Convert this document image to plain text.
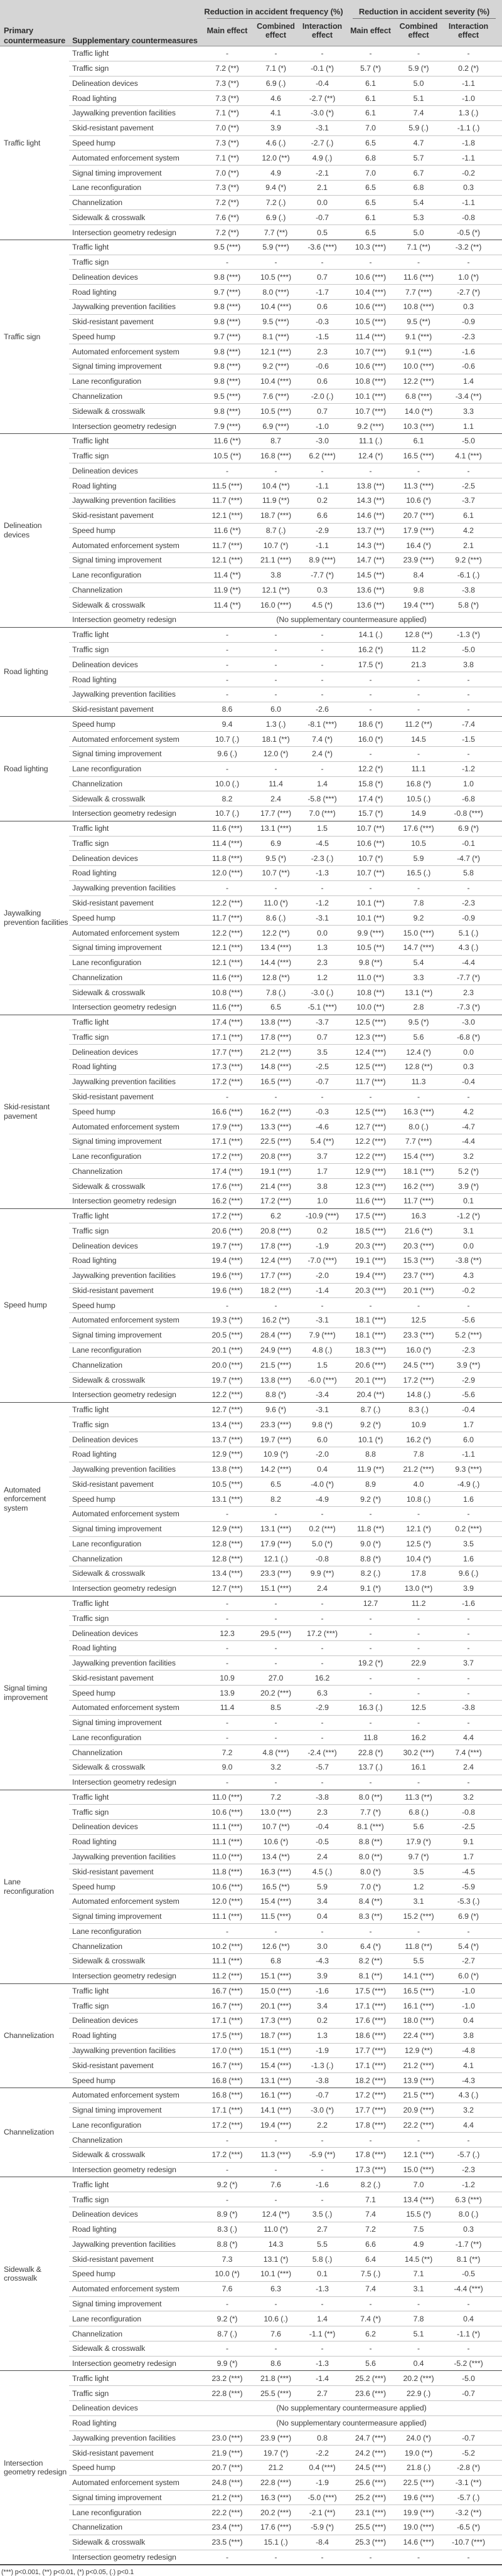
Primary countermeasure	Supplementary countermeasures	Reduction in accident frequency (%)			Reduction in accident severity (%)		

		Main effect	Combined effect	Interaction effect	Main effect	Combined effect	Interaction effect
Traffic light	Traffic light	-	-	-	-	-	-
	Traffic sign	7.2 (**)	7.1 (*)	-0.1 (*)	5.7 (*)	5.9 (*)	0.2 (*)
	Delineation devices	7.3 (**)	6.9 (.)	-0.4	6.1	5.0	-1.1
	Road lighting	7.3 (**)	4.6	-2.7 (**)	6.1	5.1	-1.0
	Jaywalking prevention facilities	7.1 (**)	4.1	-3.0 (*)	6.1	7.4	1.3 (.)
	Skid-resistant pavement	7.0 (**)	3.9	-3.1	7.0	5.9 (.)	-1.1 (.)
	Speed hump	7.3 (**)	4.6 (.)	-2.7 (.)	6.5	4.7	-1.8
	Automated enforcement system	7.1 (**)	12.0 (**)	4.9 (.)	6.8	5.7	-1.1
	Signal timing improvement	7.0 (**)	4.9	-2.1	7.0	6.7	-0.2
	Lane reconfiguration	7.3 (**)	9.4 (*)	2.1	6.5	6.8	0.3
	Channelization	7.2 (**)	7.2 (.)	0.0	6.5	5.4	-1.1
	Sidewalk & crosswalk	7.6 (**)	6.9 (.)	-0.7	6.1	5.3	-0.8
	Intersection geometry redesign	7.2 (**)	7.7 (**)	0.5	6.5	5.0	-0.5 (*)
Traffic sign	Traffic light	9.5 (***)	5.9 (***)	-3.6 (***)	10.3 (***)	7.1 (**)	-3.2 (**)
	Traffic sign	-	-	-	-	-	-
	Delineation devices	9.8 (***)	10.5 (***)	0.7	10.6 (***)	11.6 (***)	1.0 (*)
	Road lighting	9.7 (***)	8.0 (***)	-1.7	10.4 (***)	7.7 (***)	-2.7 (*)
	Jaywalking prevention facilities	9.8 (***)	10.4 (***)	0.6	10.6 (***)	10.8 (***)	0.3
	Skid-resistant pavement	9.8 (***)	9.5 (***)	-0.3	10.5 (***)	9.5 (**)	-0.9
	Speed hump	9.7 (***)	8.1 (***)	-1.5	11.4 (***)	9.1 (***)	-2.3
	Automated enforcement system	9.8 (***)	12.1 (***)	2.3	10.7 (***)	9.1 (***)	-1.6
	Signal timing improvement	9.8 (***)	9.2 (***)	-0.6	10.6 (***)	10.0 (***)	-0.6
	Lane reconfiguration	9.8 (***)	10.4 (***)	0.6	10.8 (***)	12.2 (***)	1.4
	Channelization	9.5 (***)	7.6 (***)	-2.0 (.)	10.1 (***)	6.8 (***)	-3.4 (**)
	Sidewalk & crosswalk	9.8 (***)	10.5 (***)	0.7	10.7 (***)	14.0 (**)	3.3
	Intersection geometry redesign	7.9 (***)	6.9 (***)	-1.0	9.2 (***)	10.3 (***)	1.1
Delineation devices	Traffic light	11.6 (**)	8.7	-3.0	11.1 (.)	6.1	-5.0
	Traffic sign	10.5 (**)	16.8 (***)	6.2 (***)	12.4 (*)	16.5 (***)	4.1 (***)
	Delineation devices	-	-	-	-	-	-
	Road lighting	11.5 (***)	10.4 (**)	-1.1	13.8 (**)	11.3 (***)	-2.5
	Jaywalking prevention facilities	11.7 (***)	11.9 (**)	0.2	14.3 (**)	10.6 (*)	-3.7
	Skid-resistant pavement	12.1 (***)	18.7 (***)	6.6	14.6 (**)	20.7 (***)	6.1
	Speed hump	11.6 (**)	8.7 (.)	-2.9	13.7 (**)	17.9 (***)	4.2
	Automated enforcement system	11.7 (***)	10.7 (*)	-1.1	14.3 (**)	16.4 (*)	2.1
	Signal timing improvement	12.1 (***)	21.1 (***)	8.9 (***)	14.7 (**)	23.9 (***)	9.2 (***)
	Lane reconfiguration	11.4 (**)	3.8	-7.7 (*)	14.5 (**)	8.4	-6.1 (.)
	Channelization	11.9 (**)	12.1 (**)	0.3	13.6 (**)	9.8	-3.8
	Sidewalk & crosswalk	11.4 (**)	16.0 (***)	4.5 (*)	13.6 (**)	19.4 (***)	5.8 (*)
	Intersection geometry redesign	(No supplementary countermeasure applied)					
Road lighting	Traffic light	-	-	-	14.1 (.)	12.8 (**)	-1.3 (*)
	Traffic sign	-	-	-	16.2 (*)	11.2	-5.0
	Delineation devices	-	-	-	17.5 (*)	21.3	3.8
	Road lighting	-	-	-	-	-	-
	Jaywalking prevention facilities	-	-	-	-	-	-
	Skid-resistant pavement	8.6	6.0	-2.6	-	-	-
Road lighting	Speed hump	9.4	1.3 (.)	-8.1 (***)	18.6 (*)	11.2 (**)	-7.4
	Automated enforcement system	10.7 (.)	18.1 (**)	7.4 (*)	16.0 (*)	14.5	-1.5
	Signal timing improvement	9.6 (.)	12.0 (*)	2.4 (*)	-	-	-
	Lane reconfiguration	-	-	-	12.2 (*)	11.1	-1.2
	Channelization	10.0 (.)	11.4	1.4	15.8 (*)	16.8 (*)	1.0
	Sidewalk & crosswalk	8.2	2.4	-5.8 (***)	17.4 (*)	10.5 (.)	-6.8
	Intersection geometry redesign	10.7 (.)	17.7 (***)	7.0 (***)	15.7 (*)	14.9	-0.8 (***)
Jaywalking prevention facilities	Traffic light	11.6 (***)	13.1 (***)	1.5	10.7 (**)	17.6 (***)	6.9 (*)
	Traffic sign	11.4 (***)	6.9	-4.5	10.6 (**)	10.5	-0.1
	Delineation devices	11.8 (***)	9.5 (*)	-2.3 (.)	10.7 (*)	5.9	-4.7 (*)
	Road lighting	12.0 (***)	10.7 (**)	-1.3	10.7 (**)	16.5 (.)	5.8
	Jaywalking prevention facilities	-	-	-	-	-	-
	Skid-resistant pavement	12.2 (***)	11.0 (*)	-1.2	10.1 (**)	7.8	-2.3
	Speed hump	11.7 (***)	8.6 (.)	-3.1	10.1 (**)	9.2	-0.9
	Automated enforcement system	12.2 (***)	12.2 (**)	0.0	9.9 (***)	15.0 (***)	5.1 (.)
	Signal timing improvement	12.1 (***)	13.4 (***)	1.3	10.5 (**)	14.7 (***)	4.3 (.)
	Lane reconfiguration	12.1 (***)	14.4 (***)	2.3	9.8 (**)	5.4	-4.4
	Channelization	11.6 (***)	12.8 (**)	1.2	11.0 (**)	3.3	-7.7 (*)
	Sidewalk & crosswalk	10.8 (***)	7.8 (.)	-3.0 (.)	10.8 (**)	13.1 (**)	2.3
	Intersection geometry redesign	11.6 (***)	6.5	-5.1 (***)	10.0 (**)	2.8	-7.3 (*)
Skid-resistant pavement	Traffic light	17.4 (***)	13.8 (***)	-3.7	12.5 (***)	9.5 (*)	-3.0
	Traffic sign	17.1 (***)	17.8 (***)	0.7	12.3 (***)	5.6	-6.8 (*)
	Delineation devices	17.7 (***)	21.2 (***)	3.5	12.4 (***)	12.4 (*)	0.0
	Road lighting	17.3 (***)	14.8 (***)	-2.5	12.5 (***)	12.8 (**)	0.3
	Jaywalking prevention facilities	17.2 (***)	16.5 (***)	-0.7	11.7 (***)	11.3	-0.4
	Skid-resistant pavement	-	-	-	-	-	-
	Speed hump	16.6 (***)	16.2 (***)	-0.3	12.5 (***)	16.3 (***)	4.2
	Automated enforcement system	17.9 (***)	13.3 (***)	-4.6	12.7 (***)	8.0 (.)	-4.7
	Signal timing improvement	17.1 (***)	22.5 (***)	5.4 (**)	12.2 (***)	7.7 (***)	-4.4
	Lane reconfiguration	17.2 (***)	20.8 (***)	3.7	12.2 (***)	15.4 (***)	3.2
	Channelization	17.4 (***)	19.1 (***)	1.7	12.9 (***)	18.1 (***)	5.2 (*)
	Sidewalk & crosswalk	17.6 (***)	21.4 (***)	3.8	12.3 (***)	16.2 (***)	3.9 (*)
	Intersection geometry redesign	16.2 (***)	17.2 (***)	1.0	11.6 (***)	11.7 (***)	0.1
Speed hump	Traffic light	17.2 (***)	6.2	-10.9 (***)	17.5 (***)	16.3	-1.2 (*)
	Traffic sign	20.6 (***)	20.8 (***)	0.2	18.5 (***)	21.6 (**)	3.1
	Delineation devices	19.7 (***)	17.8 (***)	-1.9	20.3 (***)	20.3 (***)	0.0
	Road lighting	19.4 (***)	12.4 (***)	-7.0 (***)	19.1 (***)	15.3 (***)	-3.8 (**)
	Jaywalking prevention facilities	19.6 (***)	17.7 (***)	-2.0	19.4 (***)	23.7 (***)	4.3
	Skid-resistant pavement	19.6 (***)	18.2 (***)	-1.4	20.3 (***)	20.1 (***)	-0.2
	Speed hump	-	-	-	-	-	-
	Automated enforcement system	19.3 (***)	16.2 (**)	-3.1	18.1 (***)	12.5	-5.6
	Signal timing improvement	20.5 (***)	28.4 (***)	7.9 (***)	18.1 (***)	23.3 (***)	5.2 (***)
	Lane reconfiguration	20.1 (***)	24.9 (***)	4.8 (.)	18.3 (***)	16.0 (*)	-2.3
	Channelization	20.0 (***)	21.5 (***)	1.5	20.6 (***)	24.5 (***)	3.9 (**)
	Sidewalk & crosswalk	19.7 (***)	13.8 (***)	-6.0 (***)	20.1 (***)	17.2 (***)	-2.9
	Intersection geometry redesign	12.2 (***)	8.8 (*)	-3.4	20.4 (**)	14.8 (.)	-5.6
Automated enforcement system	Traffic light	12.7 (***)	9.6 (*)	-3.1	8.7 (.)	8.3 (.)	-0.4
	Traffic sign	13.4 (***)	23.3 (***)	9.8 (*)	9.2 (*)	10.9	1.7
	Delineation devices	13.7 (***)	19.7 (***)	6.0	10.1 (*)	16.2 (*)	6.0
	Road lighting	12.9 (***)	10.9 (*)	-2.0	8.8	7.8	-1.1
	Jaywalking prevention facilities	13.8 (***)	14.2 (***)	0.4	11.9 (**)	21.2 (***)	9.3 (***)
	Skid-resistant pavement	10.5 (***)	6.5	-4.0 (*)	8.9	4.0	-4.9 (.)
	Speed hump	13.1 (***)	8.2	-4.9	9.2 (*)	10.8 (.)	1.6
	Automated enforcement system	-	-	-	-	-	-
	Signal timing improvement	12.9 (***)	13.1 (***)	0.2 (***)	11.8 (**)	12.1 (*)	0.2 (***)
	Lane reconfiguration	12.8 (***)	17.9 (***)	5.0 (*)	9.0 (*)	12.5 (*)	3.5
	Channelization	12.8 (***)	12.1 (.)	-0.8	8.8 (*)	10.4 (*)	1.6
	Sidewalk & crosswalk	13.4 (***)	23.3 (***)	9.9 (**)	8.2 (.)	17.8	9.6 (.)
	Intersection geometry redesign	12.7 (***)	15.1 (***)	2.4	9.1 (*)	13.0 (**)	3.9
Signal timing improvement	Traffic light	-	-	-	12.7	11.2	-1.6
	Traffic sign	-	-	-	-	-	-
	Delineation devices	12.3	29.5 (***)	17.2 (***)	-	-	-
	Road lighting	-	-	-	-	-	-
	Jaywalking prevention facilities	-	-	-	19.2 (*)	22.9	3.7
	Skid-resistant pavement	10.9	27.0	16.2	-	-	-
	Speed hump	13.9	20.2 (***)	6.3	-	-	-
	Automated enforcement system	11.4	8.5	-2.9	16.3 (.)	12.5	-3.8
	Signal timing improvement	-	-	-	-	-	-
	Lane reconfiguration	-	-	-	11.8	16.2	4.4
	Channelization	7.2	4.8 (***)	-2.4 (***)	22.8 (*)	30.2 (***)	7.4 (***)
	Sidewalk & crosswalk	9.0	3.2	-5.7	13.7 (.)	16.1	2.4
	Intersection geometry redesign	-	-	-	-	-	-
Lane reconfiguration	Traffic light	11.0 (***)	7.2	-3.8	8.0 (**)	11.3 (**)	3.2
	Traffic sign	10.6 (***)	13.0 (***)	2.3	7.7 (*)	6.8 (.)	-0.8
	Delineation devices	11.1 (***)	10.7 (**)	-0.4	8.1 (***)	5.6	-2.5
	Road lighting	11.1 (***)	10.6 (*)	-0.5	8.8 (**)	17.9 (*)	9.1
	Jaywalking prevention facilities	11.0 (***)	13.4 (**)	2.4	8.0 (**)	9.7 (*)	1.7
	Skid-resistant pavement	11.8 (***)	16.3 (***)	4.5 (.)	8.0 (*)	3.5	-4.5
	Speed hump	10.6 (***)	16.5 (**)	5.9	7.0 (*)	1.2	-5.9
	Automated enforcement system	12.0 (***)	15.4 (***)	3.4	8.4 (**)	3.1	-5.3 (.)
	Signal timing improvement	11.1 (***)	11.5 (***)	0.4	8.3 (**)	15.2 (***)	6.9 (*)
	Lane reconfiguration	-	-	-	-	-	-
	Channelization	10.2 (***)	12.6 (**)	3.0	6.4 (*)	11.8 (**)	5.4 (*)
	Sidewalk & crosswalk	11.1 (***)	6.8	-4.3	8.2 (**)	5.5	-2.7
	Intersection geometry redesign	11.2 (***)	15.1 (***)	3.9	8.1 (**)	14.1 (***)	6.0 (*)
Channelization	Traffic light	16.7 (***)	15.0 (***)	-1.6	17.5 (***)	16.5 (***)	-1.0
	Traffic sign	16.7 (***)	20.1 (***)	3.4	17.1 (***)	16.1 (***)	-1.0
	Delineation devices	17.1 (***)	17.3 (***)	0.2	17.6 (***)	18.0 (***)	0.4
	Road lighting	17.5 (***)	18.7 (***)	1.3	18.6 (***)	22.4 (***)	3.8
	Jaywalking prevention facilities	17.0 (***)	15.1 (***)	-1.9	17.7 (***)	12.9 (**)	-4.8
	Skid-resistant pavement	16.7 (***)	15.4 (***)	-1.3 (.)	17.1 (***)	21.2 (***)	4.1
	Speed hump	16.8 (***)	13.1 (***)	-3.8	18.2 (***)	13.9 (***)	-4.3
Channelization	Automated enforcement system	16.8 (***)	16.1 (***)	-0.7	17.2 (***)	21.5 (***)	4.3 (.)
	Signal timing improvement	17.1 (***)	14.1 (***)	-3.0 (*)	17.7 (***)	20.9 (***)	3.2
	Lane reconfiguration	17.2 (***)	19.4 (***)	2.2	17.8 (***)	22.2 (***)	4.4
	Channelization	-	-	-	-	-	-
	Sidewalk & crosswalk	17.2 (***)	11.3 (***)	-5.9 (**)	17.8 (***)	12.1 (***)	-5.7 (.)
	Intersection geometry redesign	-	-	-	17.3 (***)	15.0 (***)	-2.3
Sidewalk & crosswalk	Traffic light	9.2 (*)	7.6	-1.6	8.2 (.)	7.0	-1.2
	Traffic sign	-	-	-	7.1	13.4 (***)	6.3 (***)
	Delineation devices	8.9 (*)	12.4 (**)	3.5 (.)	7.4	15.5 (*)	8.0 (.)
	Road lighting	8.3 (.)	11.0 (*)	2.7	7.2	7.5	0.3
	Jaywalking prevention facilities	8.8 (*)	14.3	5.5	6.6	4.9	-1.7 (**)
	Skid-resistant pavement	7.3	13.1 (*)	5.8 (.)	6.4	14.5 (**)	8.1 (**)
	Speed hump	10.0 (*)	10.1 (***)	0.1	7.5 (.)	7.1	-0.5
	Automated enforcement system	7.6	6.3	-1.3	7.4	3.1	-4.4 (***)
	Signal timing improvement	-	-	-	-	-	-
	Lane reconfiguration	9.2 (*)	10.6 (.)	1.4	7.4 (*)	7.8	0.4
	Channelization	8.7 (.)	7.6	-1.1 (**)	6.2	5.1	-1.1 (*)
	Sidewalk & crosswalk	-	-	-	-	-	-
	Intersection geometry redesign	9.9 (*)	8.6	-1.3	5.6	0.4	-5.2 (***)
Intersection geometry redesign	Traffic light	23.2 (***)	21.8 (***)	-1.4	25.2 (***)	20.2 (***)	-5.0
	Traffic sign	22.8 (***)	25.5 (***)	2.7	23.6 (***)	22.9 (.)	-0.7
	Delineation devices	(No supplementary countermeasure applied)					
	Road lighting	(No supplementary countermeasure applied)					
	Jaywalking prevention facilities	23.0 (***)	23.9 (***)	0.8	24.7 (***)	24.0 (*)	-0.7
	Skid-resistant pavement	21.9 (***)	19.7 (*)	-2.2	24.2 (***)	19.0 (**)	-5.2
	Speed hump	20.7 (***)	21.2	0.4 (***)	24.5 (***)	21.8 (.)	-2.8 (*)
	Automated enforcement system	24.8 (***)	22.8 (***)	-1.9	25.6 (***)	22.5 (***)	-3.1 (**)
	Signal timing improvement	21.2 (***)	16.3 (***)	-5.0 (***)	25.2 (***)	19.6 (***)	-5.7 (.)
	Lane reconfiguration	22.2 (***)	20.2 (***)	-2.1 (**)	23.1 (***)	19.9 (***)	-3.2 (**)
	Channelization	23.4 (***)	17.6 (***)	-5.9 (*)	25.5 (***)	19.0 (***)	-6.5 (*)
	Sidewalk & crosswalk	23.5 (***)	15.1 (.)	-8.4	25.3 (***)	14.6 (***)	-10.7 (***)
	Intersection geometry redesign	-	-	-	-	-	-
(***) p<0.001, (**) p<0.01, (*) p<0.05, (.) p<0.1
